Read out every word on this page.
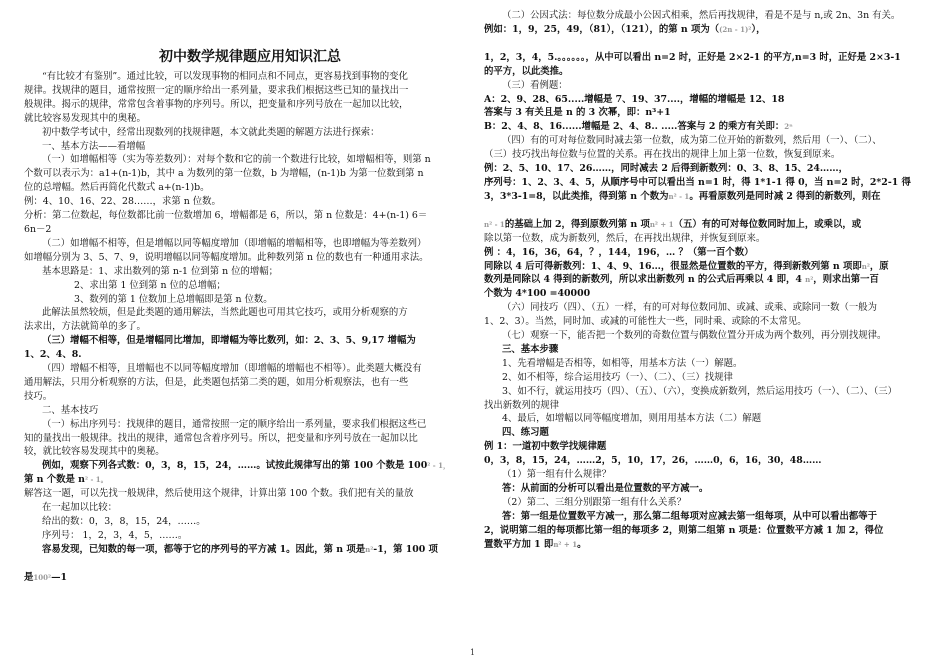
初中数学规律题应用知识汇总

“有比较才有鉴别”。通过比较，可以发现事物的相同点和不同点，更容易找到事物的变化

规律。找规律的题目，通常按照一定的顺序给出一系列量，要求我们根据这些已知的量找出一

般规律。揭示的规律，常常包含着事物的序列号。所以，把变量和序列号放在一起加以比较，

就比较容易发现其中的奥秘。

初中数学考试中，经常出现数列的找规律题，本文就此类题的解题方法进行探索：

一、基本方法——看增幅

（一）如增幅相等（实为等差数列）：对每个数和它的前一个数进行比较，如增幅相等，则第 n

个数可以表示为：a1+(n-1)b，其中 a 为数列的第一位数，b 为增幅，(n-1)b 为第一位数到第 n

位的总增幅。然后再简化代数式 a+(n-1)b。

例：4、10、16、22、28……，求第 n 位数。

分析：第二位数起，每位数都比前一位数增加 6，增幅都是 6，所以，第 n 位数是：4+(n-1) 6＝

6n－2

（二）如增幅不相等，但是增幅以同等幅度增加（即增幅的增幅相等，也即增幅为等差数列）

如增幅分别为 3、5、7、9，说明增幅以同等幅度增加。此种数列第 n 位的数也有一种通用求法。

基本思路是：1、求出数列的第 n-1 位到第 n 位的增幅；

2、求出第 1 位到第 n 位的总增幅；

3、数列的第 1 位数加上总增幅即是第 n 位数。

此解法虽然较烦，但是此类题的通用解法，当然此题也可用其它技巧，或用分析观察的方

法求出，方法就简单的多了。

（三）增幅不相等，但是增幅同比增加，即增幅为等比数列，如：2、3、5、9,17 增幅为

1、2、4、8.

（四）增幅不相等，且增幅也不以同等幅度增加（即增幅的增幅也不相等）。此类题大概没有

通用解法，只用分析观察的方法，但是，此类题包括第二类的题，如用分析观察法，也有一些

技巧。

二、基本技巧

（一）标出序列号：找规律的题目，通常按照一定的顺序给出一系列量，要求我们根据这些已

知的量找出一般规律。找出的规律，通常包含着序列号。所以，把变量和序列号放在一起加以比

较，就比较容易发现其中的奥秘。

例如，观察下列各式数：0，3，8，15，24，……。试按此规律写出的第 100 个数是 100² - 1，

第 n 个数是 n² - 1。

解答这一题，可以先找一般规律，然后使用这个规律，计算出第 100 个数。我们把有关的量放

在一起加以比较：

给出的数：0，3，8，15，24，……。

序列号： 1，2，3，4，5，……。

容易发现，已知数的每一项，都等于它的序列号的平方减 1。因此，第 n 项是n²-1，第 100 项

是100²—1

（二）公因式法：每位数分成最小公因式相乘，然后再找规律，看是不是与 n,或 2n、3n 有关。

例如：1，9，25，49，（81），（121），的第 n 项为（(2n - 1)²），

1，2，3，4，5.。。。。。。，从中可以看出 n=2 时，正好是 2×2-1 的平方,n=3 时，正好是 2×3-1

的平方，以此类推。

（三）看例题：

A：2、9、28、65.....增幅是 7、19、37....，增幅的增幅是 12、18

答案与 3 有关且是 n 的 3 次幂，即：n³+1

B：2、4、8、16......增幅是 2、4、8.. .....答案与 2 的乘方有关即：2ⁿ

（四）有的可对每位数同时减去第一位数，成为第二位开始的新数列，然后用（一）、（二）、

（三）技巧找出每位数与位置的关系。再在找出的规律上加上第一位数，恢复到原来。

例：2、5、10、17、26……，同时减去 2 后得到新数列：0、3、8、15、24……，

序列号：1、2、3、4、5，从顺序号中可以看出当 n=1 时，得 1*1-1 得 0，当 n=2 时，2*2-1 得

3，3*3-1=8，以此类推，得到第 n 个数为n² - 1。再看原数列是同时减 2 得到的新数列，则在

n² - 1的基础上加 2，得到原数列第 n 项n² + 1（五）有的可对每位数同时加上，或乘以，或

除以第一位数，成为新数列，然后，在再找出规律，并恢复到原来。

例 ：4，16，36，64，？，144，196，… ？（第一百个数）

同除以 4 后可得新数列：1、4、9、16…，很显然是位置数的平方，得到新数列第 n 项即n²，原

数列是同除以 4 得到的新数列，所以求出新数列 n 的公式后再乘以 4 即，4 n²，则求出第一百

个数为 4*100 =40000

（六）同技巧（四）、（五）一样，有的可对每位数同加、或减、或乘、或除同一数（一般为

1、2、3）。当然，同时加、或减的可能性大一些，同时乘、或除的不太常见。

（七）观察一下，能否把一个数列的奇数位置与偶数位置分开成为两个数列，再分别找规律。

三、基本步骤

1、先看增幅是否相等，如相等，用基本方法（一）解题。

2、如不相等，综合运用技巧（一）、（二）、（三）找规律

3、如不行，就运用技巧（四）、（五）、（六），变换成新数列，然后运用技巧（一）、（二）、（三）

找出新数列的规律

4、最后，如增幅以同等幅度增加，则用用基本方法（二）解题

四、练习题

例 1：一道初中数学找规律题

0，3，8，15，24，……2，5，10，17，26，……0，6，16，30，48……

（1）第一组有什么规律？

答：从前面的分析可以看出是位置数的平方减一。

（2）第二、三组分别跟第一组有什么关系？

答：第一组是位置数平方减一，那么第二组每项对应减去第一组每项，从中可以看出都等于

2，说明第二组的每项都比第一组的每项多 2，则第二组第 n 项是：位置数平方减 1 加 2，得位

置数平方加 1 即n² + 1。

1
